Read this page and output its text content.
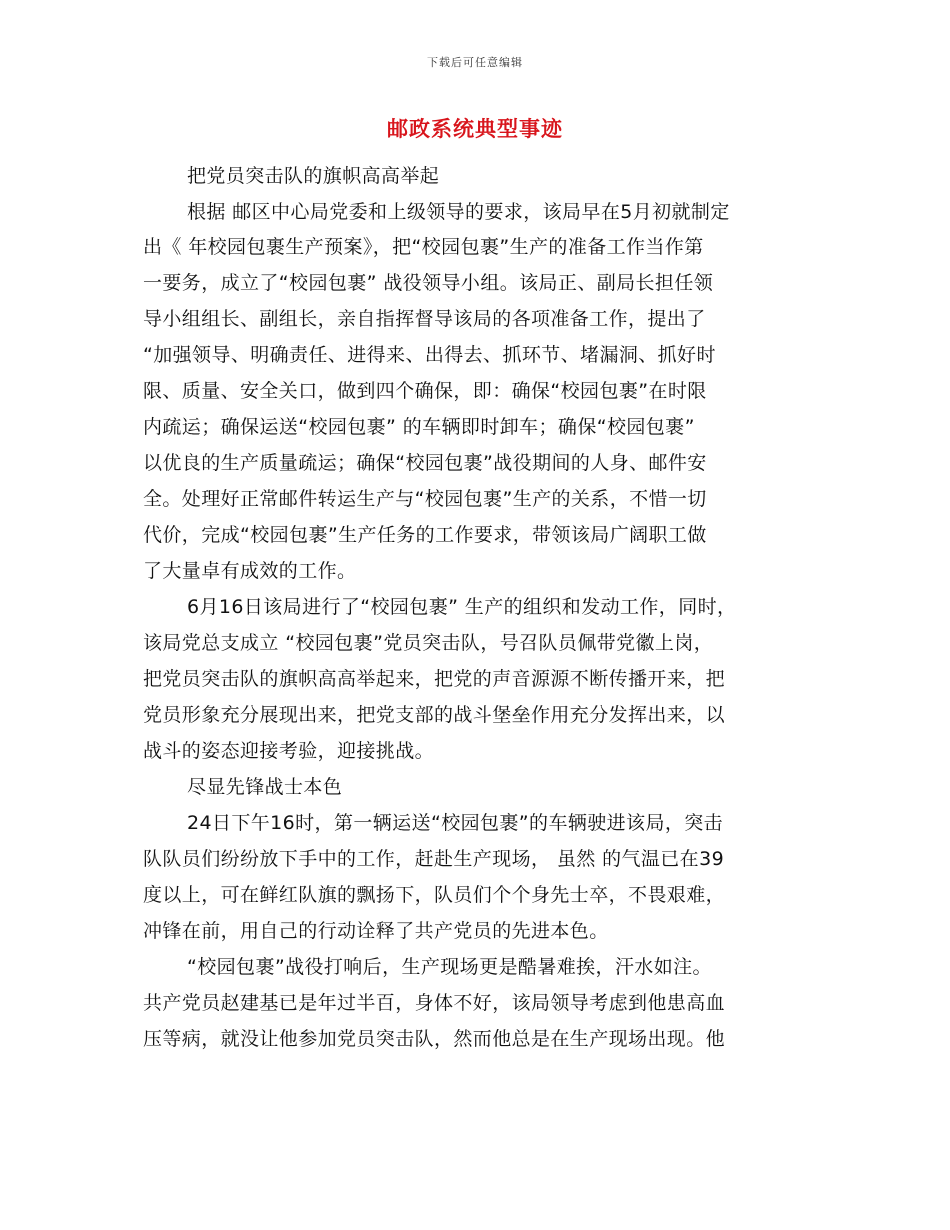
下载后可任意编辑
邮政系统典型事迹
把党员突击队的旗帜高高举起
根据 邮区中心局党委和上级领导的要求，该局早在5月初就制定
出《 年校园包裹生产预案》，把“校园包裹”生产的准备工作当作第
一要务，成立了“校园包裹” 战役领导小组。该局正、副局长担任领
导小组组长、副组长，亲自指挥督导该局的各项准备工作，提出了
“加强领导、明确责任、进得来、出得去、抓环节、堵漏洞、抓好时
限、质量、安全关口，做到四个确保，即：确保“校园包裹”在时限
内疏运；确保运送“校园包裹” 的车辆即时卸车；确保“校园包裹”
以优良的生产质量疏运；确保“校园包裹”战役期间的人身、邮件安
全。处理好正常邮件转运生产与“校园包裹”生产的关系，不惜一切
代价，完成“校园包裹”生产任务的工作要求，带领该局广阔职工做
了大量卓有成效的工作。
6月16日该局进行了“校园包裹” 生产的组织和发动工作，同时，
该局党总支成立 “校园包裹”党员突击队，号召队员佩带党徽上岗，
把党员突击队的旗帜高高举起来，把党的声音源源不断传播开来，把
党员形象充分展现出来，把党支部的战斗堡垒作用充分发挥出来，以
战斗的姿态迎接考验，迎接挑战。
尽显先锋战士本色
24日下午16时，第一辆运送“校园包裹”的车辆驶进该局，突击
队队员们纷纷放下手中的工作，赶赴生产现场， 虽然 的气温已在39
度以上，可在鲜红队旗的飘扬下，队员们个个身先士卒，不畏艰难，
冲锋在前，用自己的行动诠释了共产党员的先进本色。
“校园包裹”战役打响后，生产现场更是酷暑难挨，汗水如注。
共产党员赵建基已是年过半百，身体不好，该局领导考虑到他患高血
压等病，就没让他参加党员突击队，然而他总是在生产现场出现。他
